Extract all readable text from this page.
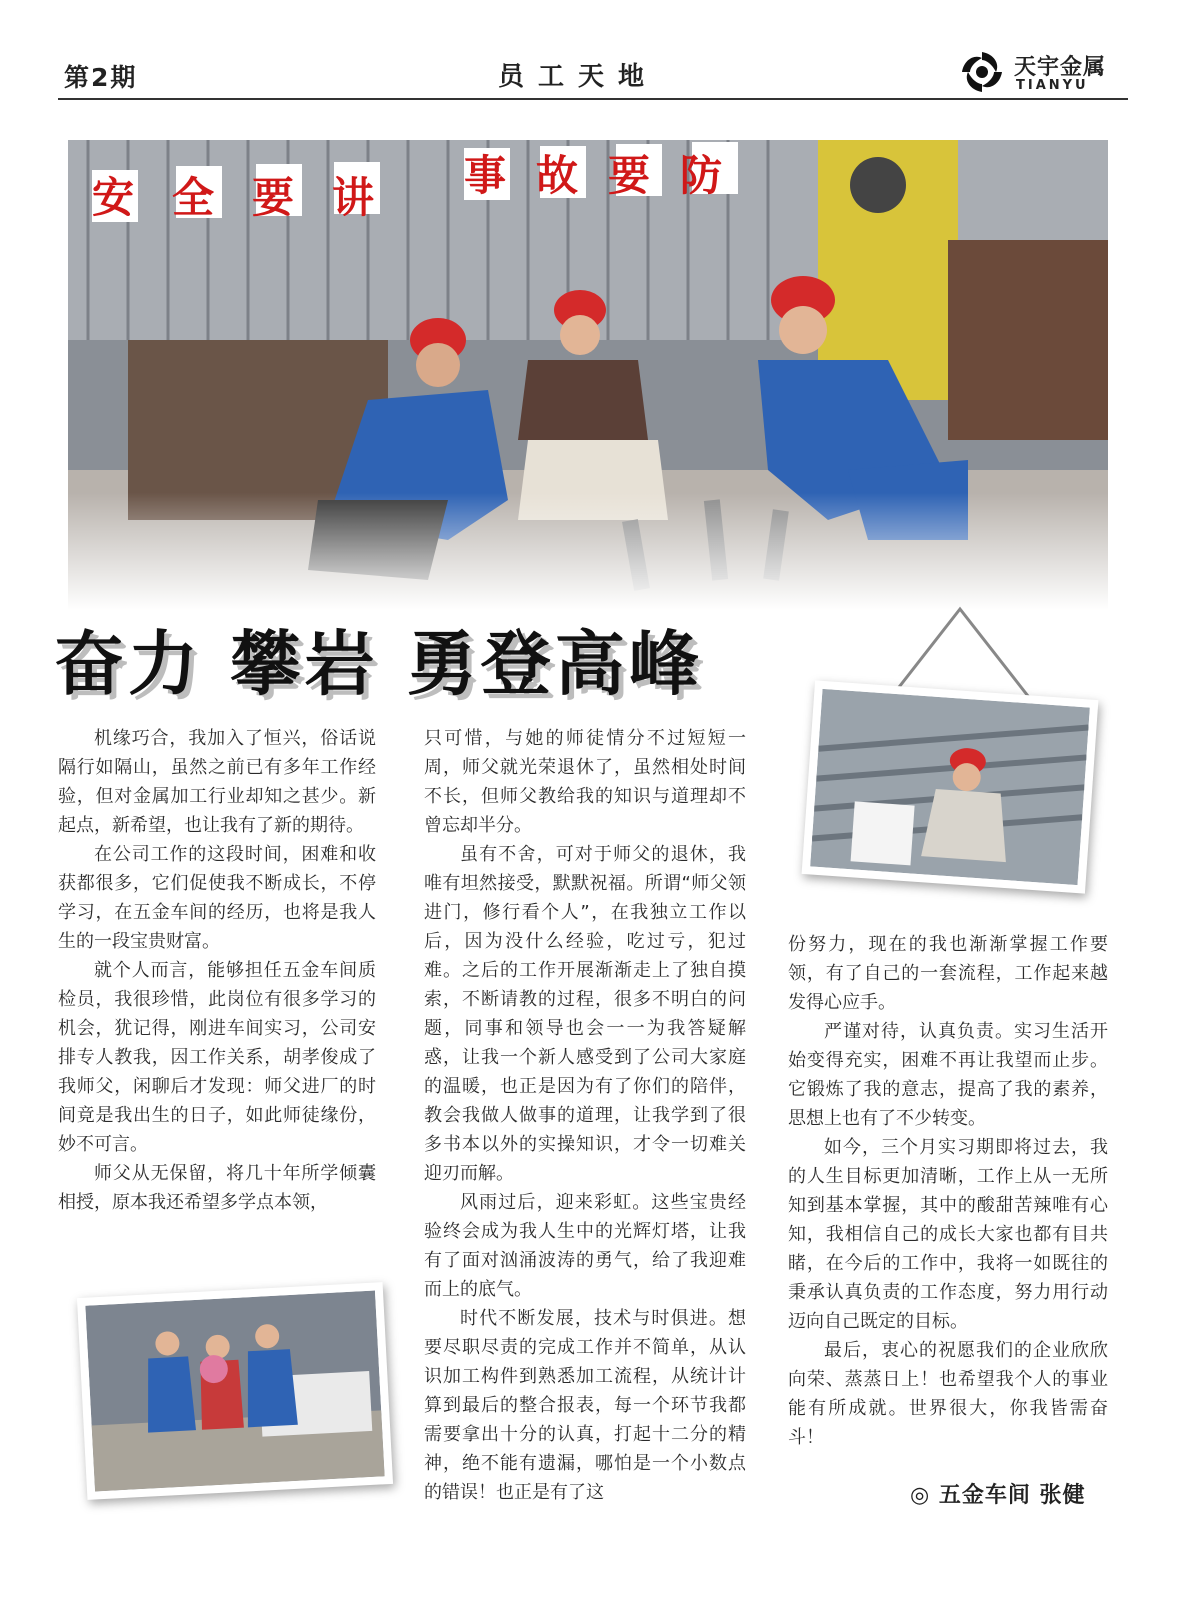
第2期	员工天地	天宇金属
TIANYU
奋力 攀岩 勇登高峰

机缘巧合，我加入了恒兴，俗话说隔行如隔山，虽然之前已有多年工作经验，但对金属加工行业却知之甚少。新起点，新希望，也让我有了新的期待。

在公司工作的这段时间，困难和收获都很多，它们促使我不断成长，不停学习，在五金车间的经历，也将是我人生的一段宝贵财富。

就个人而言，能够担任五金车间质检员，我很珍惜，此岗位有很多学习的机会，犹记得，刚进车间实习，公司安排专人教我，因工作关系，胡孝俊成了我师父，闲聊后才发现：师父进厂的时间竟是我出生的日子，如此师徒缘份，妙不可言。

师父从无保留，将几十年所学倾囊相授，原本我还希望多学点本领，

只可惜，与她的师徒情分不过短短一周，师父就光荣退休了，虽然相处时间不长，但师父教给我的知识与道理却不曾忘却半分。

虽有不舍，可对于师父的退休，我唯有坦然接受，默默祝福。所谓“师父领进门，修行看个人”，在我独立工作以后，因为没什么经验，吃过亏，犯过难。之后的工作开展渐渐走上了独自摸索，不断请教的过程，很多不明白的问题，同事和领导也会一一为我答疑解惑，让我一个新人感受到了公司大家庭的温暖，也正是因为有了你们的陪伴，教会我做人做事的道理，让我学到了很多书本以外的实操知识，才令一切难关迎刃而解。

风雨过后，迎来彩虹。这些宝贵经验终会成为我人生中的光辉灯塔，让我有了面对汹涌波涛的勇气，给了我迎难而上的底气。

时代不断发展，技术与时俱进。想要尽职尽责的完成工作并不简单，从认识加工构件到熟悉加工流程，从统计计算到最后的整合报表，每一个环节我都需要拿出十分的认真，打起十二分的精神，绝不能有遗漏，哪怕是一个小数点的错误！也正是有了这

份努力，现在的我也渐渐掌握工作要领，有了自己的一套流程，工作起来越发得心应手。

严谨对待，认真负责。实习生活开始变得充实，困难不再让我望而止步。它锻炼了我的意志，提高了我的素养，思想上也有了不少转变。

如今，三个月实习期即将过去，我的人生目标更加清晰，工作上从一无所知到基本掌握，其中的酸甜苦辣唯有心知，我相信自己的成长大家也都有目共睹，在今后的工作中，我将一如既往的秉承认真负责的工作态度，努力用行动迈向自己既定的目标。

最后，衷心的祝愿我们的企业欣欣向荣、蒸蒸日上！也希望我个人的事业能有所成就。世界很大，你我皆需奋斗！

◎ 五金车间 张健
